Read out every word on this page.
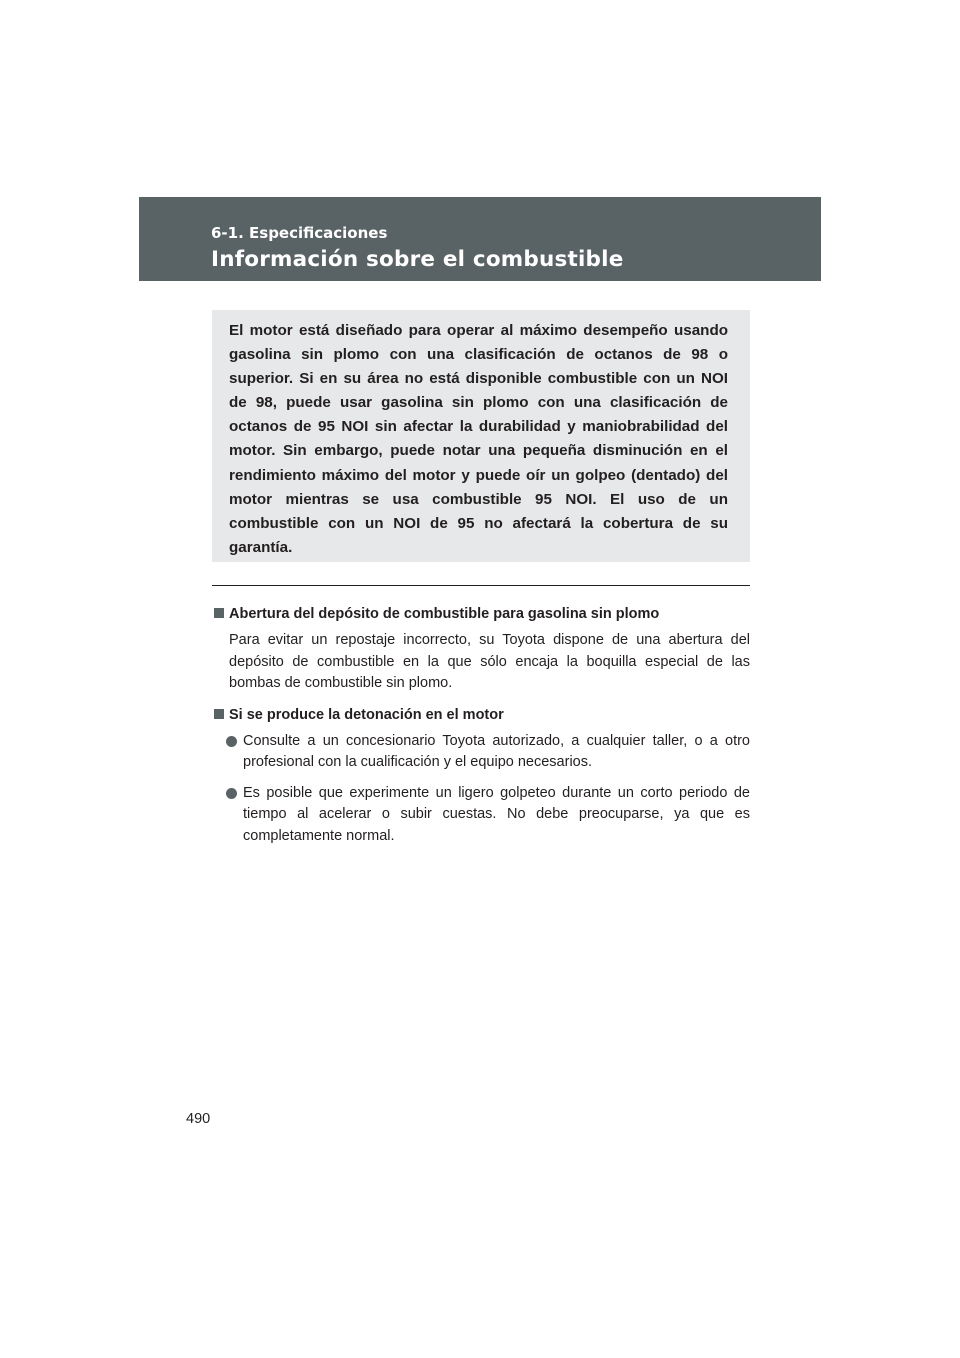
6-1. Especificaciones
Información sobre el combustible

El motor está diseñado para operar al máximo desempeño usando gasolina sin plomo con una clasificación de octanos de 98 o superior. Si en su área no está disponible combustible con un NOI de 98, puede usar gasolina sin plomo con una clasificación de octanos de 95 NOI sin afectar la durabilidad y maniobrabilidad del motor. Sin embargo, puede notar una pequeña disminución en el rendimiento máximo del motor y puede oír un golpeo (dentado) del motor mientras se usa combustible 95 NOI. El uso de un combustible con un NOI de 95 no afectará la cobertura de su garantía.

Abertura del depósito de combustible para gasolina sin plomo

Para evitar un repostaje incorrecto, su Toyota dispone de una abertura del depósito de combustible en la que sólo encaja la boquilla especial de las bombas de combustible sin plomo.

Si se produce la detonación en el motor

Consulte a un concesionario Toyota autorizado, a cualquier taller, o a otro profesional con la cualificación y el equipo necesarios.

Es posible que experimente un ligero golpeteo durante un corto periodo de tiempo al acelerar o subir cuestas. No debe preocuparse, ya que es completamente normal.

490
